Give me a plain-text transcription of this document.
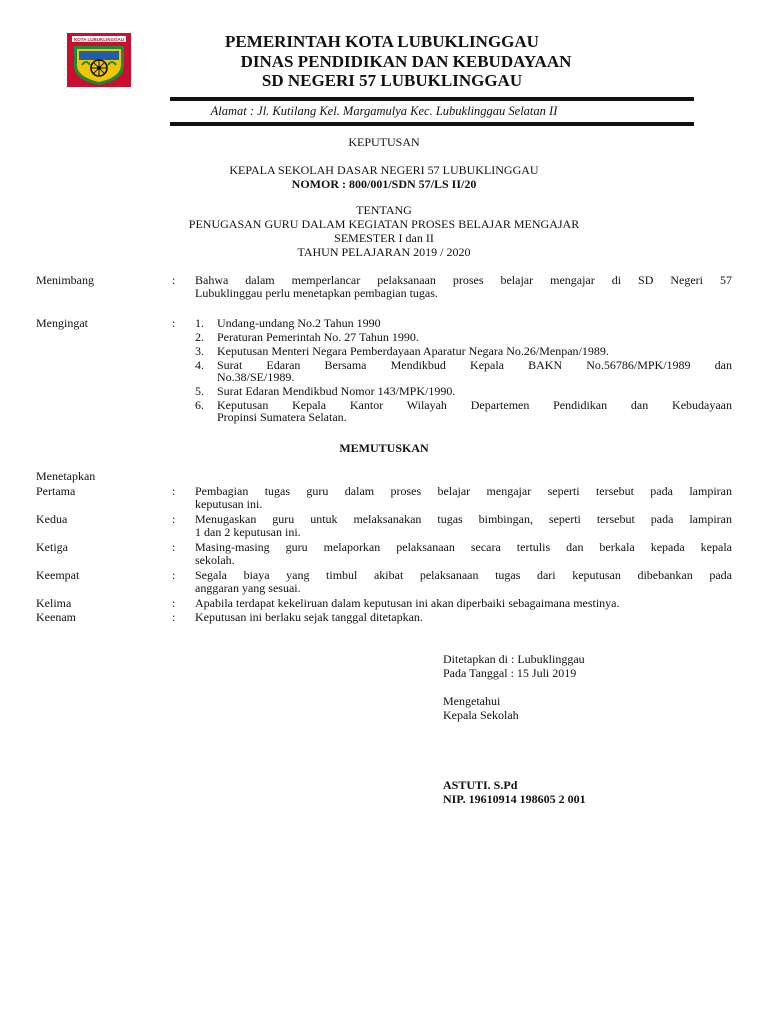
KOTA LUBUKLINGGAU	PEMERINTAH KOTA LUBUKLINGGAU
DINAS PENDIDIKAN DAN KEBUDAYAAN
SD NEGERI 57 LUBUKLINGGAU
Alamat : Jl. Kutilang Kel. Margamulya Kec. Lubuklinggau Selatan II
KEPUTUSAN
KEPALA SEKOLAH DASAR NEGERI 57 LUBUKLINGGAU
NOMOR : 800/001/SDN 57/LS II/20
TENTANG
PENUGASAN GURU DALAM KEGIATAN PROSES BELAJAR MENGAJAR
SEMESTER I dan II
TAHUN PELAJARAN 2019 / 2020
Menimbang	: Bahwa dalam memperlancar pelaksanaan proses belajar mengajar di SD Negeri 57
Lubuklinggau perlu menetapkan pembagian tugas.
Mengingat	: 1. Undang-undang No.2 Tahun 1990
2. Peraturan Pemerintah No. 27 Tahun 1990.
3. Keputusan Menteri Negara Pemberdayaan Aparatur Negara No.26/Menpan/1989.
4. Surat Edaran Bersama Mendikbud Kepala BAKN No.56786/MPK/1989 dan
No.38/SE/1989.
5. Surat Edaran Mendikbud Nomor 143/MPK/1990.
6. Keputusan Kepala Kantor Wilayah Departemen Pendidikan dan Kebudayaan
Propinsi Sumatera Selatan.
MEMUTUSKAN
Menetapkan
Pertama	: Pembagian tugas guru dalam proses belajar mengajar seperti tersebut pada lampiran
keputusan ini.
Kedua	: Menugaskan guru untuk melaksanakan tugas bimbingan, seperti tersebut pada lampiran
1 dan 2 keputusan ini.
Ketiga	: Masing-masing guru melaporkan pelaksanaan secara tertulis dan berkala kepada kepala
sekolah.
Keempat	: Segala biaya yang timbul akibat pelaksanaan tugas dari keputusan dibebankan pada
anggaran yang sesuai.
Kelima	: Apabila terdapat kekeliruan dalam keputusan ini akan diperbaiki sebagaimana mestinya.
Keenam	: Keputusan ini berlaku sejak tanggal ditetapkan.
Ditetapkan di : Lubuklinggau
Pada Tanggal : 15 Juli 2019
Mengetahui
Kepala Sekolah
ASTUTI. S.Pd
NIP. 19610914 198605 2 001
